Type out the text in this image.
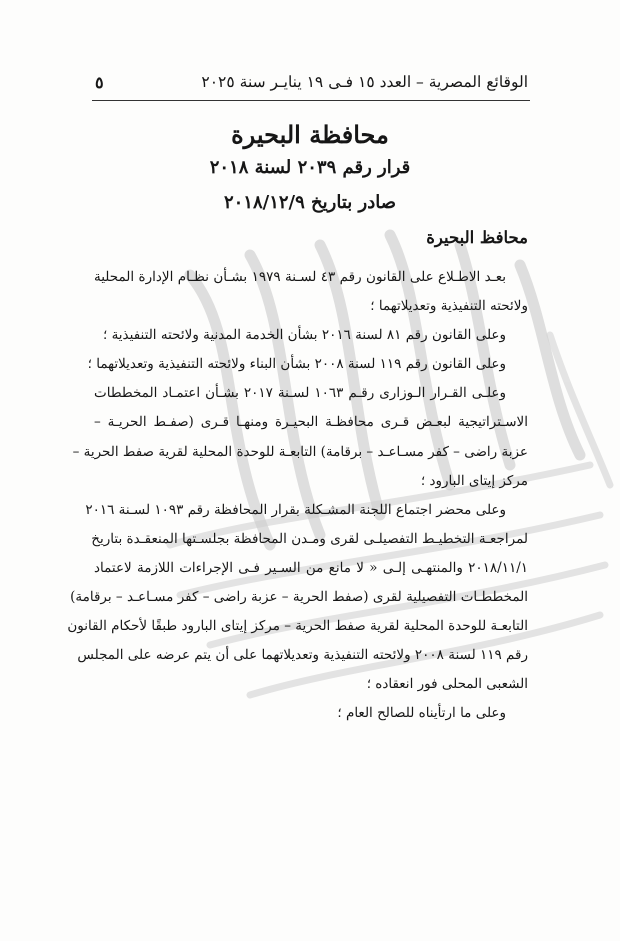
الوقائع المصرية – العدد ١٥ فـى ١٩ ينايـر سنة ٢٠٢٥
٥
محافظة البحيرة
قرار رقم ٢٠٣٩ لسنة ٢٠١٨
صادر بتاريخ ٢٠١٨/١٢/٩
محافظ البحيرة
بعـد الاطـلاع على القانون رقم ٤٣ لسـنة ١٩٧٩ بشـأن نظـام الإدارة المحلية
ولائحته التنفيذية وتعديلاتهما ؛
وعلى القانون رقم ٨١ لسنة ٢٠١٦ بشأن الخدمة المدنية ولائحته التنفيذية ؛
وعلى القانون رقم ١١٩ لسنة ٢٠٠٨ بشأن البناء ولائحته التنفيذية وتعديلاتهما ؛
وعلـى القـرار الـوزارى رقـم ١٠٦٣ لسـنة ٢٠١٧ بشـأن اعتمـاد المخططات
الاسـتراتيجية لبعـض قـرى محافظـة البحيـرة ومنهـا قـرى (صفـط الحريـة –
عزبة راضى – كفر مسـاعـد – برقامة) التابعـة للوحدة المحلية لقرية صفط الحرية –
مركز إيتاى البارود ؛
وعلى محضر اجتماع اللجنة المشـكلة بقرار المحافظة رقم ١٠٩٣ لسـنة ٢٠١٦
لمراجعـة التخطيـط التفصيلـى لقرى ومـدن المحافظة بجلسـتها المنعقـدة بتاريخ
٢٠١٨/١١/١ والمنتهـى إلـى « لا مانع من السـير فـى الإجراءات اللازمة لاعتماد
المخططـات التفصيلية لقرى (صفط الحرية – عزبة راضى – كفر مسـاعـد – برقامة)
التابعـة للوحدة المحلية لقرية صفط الحرية – مركز إيتاى البارود طبقًا لأحكام القانون
رقم ١١٩ لسنة ٢٠٠٨ ولائحته التنفيذية وتعديلاتهما على أن يتم عرضه على المجلس
الشعبى المحلى فور انعقاده ؛
وعلى ما ارتأيناه للصالح العام ؛
